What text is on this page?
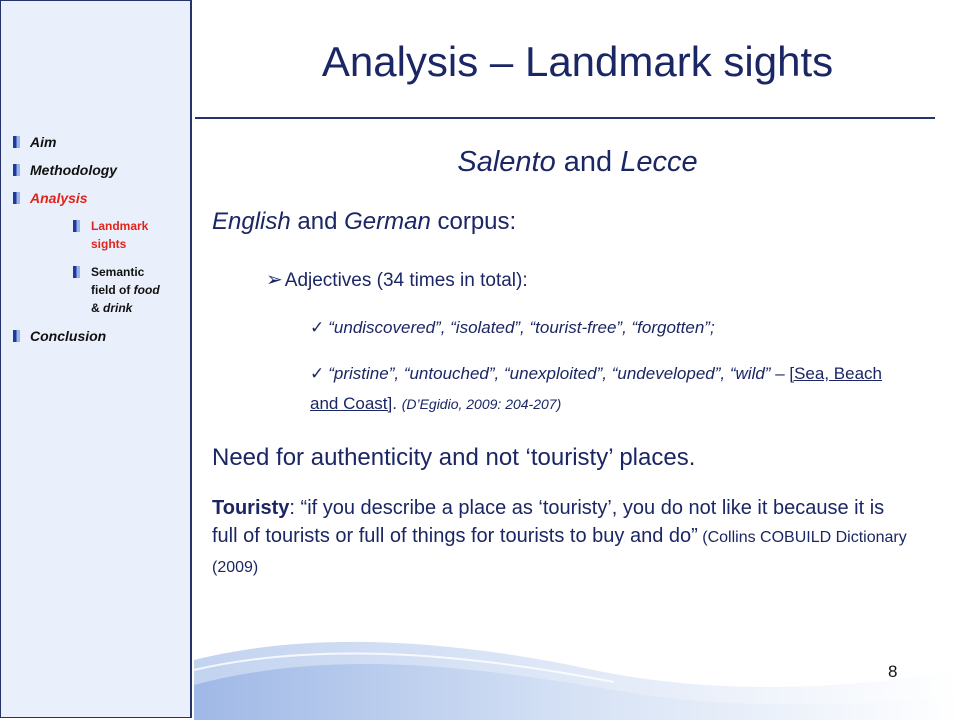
Aim
Methodology
Analysis
Landmark sights
Semantic field of food & drink
Conclusion
Analysis – Landmark sights
Salento and Lecce
English and German corpus:
➢ Adjectives (34 times in total):
✓ “undiscovered”, “isolated”, “tourist-free”, “forgotten”;
✓ “pristine”, “untouched”, “unexploited”, “undeveloped”, “wild” – [Sea, Beach and Coast]. (D’Egidio, 2009: 204-207)
Need for authenticity and not ‘touristy’ places.
Touristy: “if you describe a place as ‘touristy’, you do not like it because it is full of tourists or full of things for tourists to buy and do” (Collins COBUILD Dictionary (2009)
8
